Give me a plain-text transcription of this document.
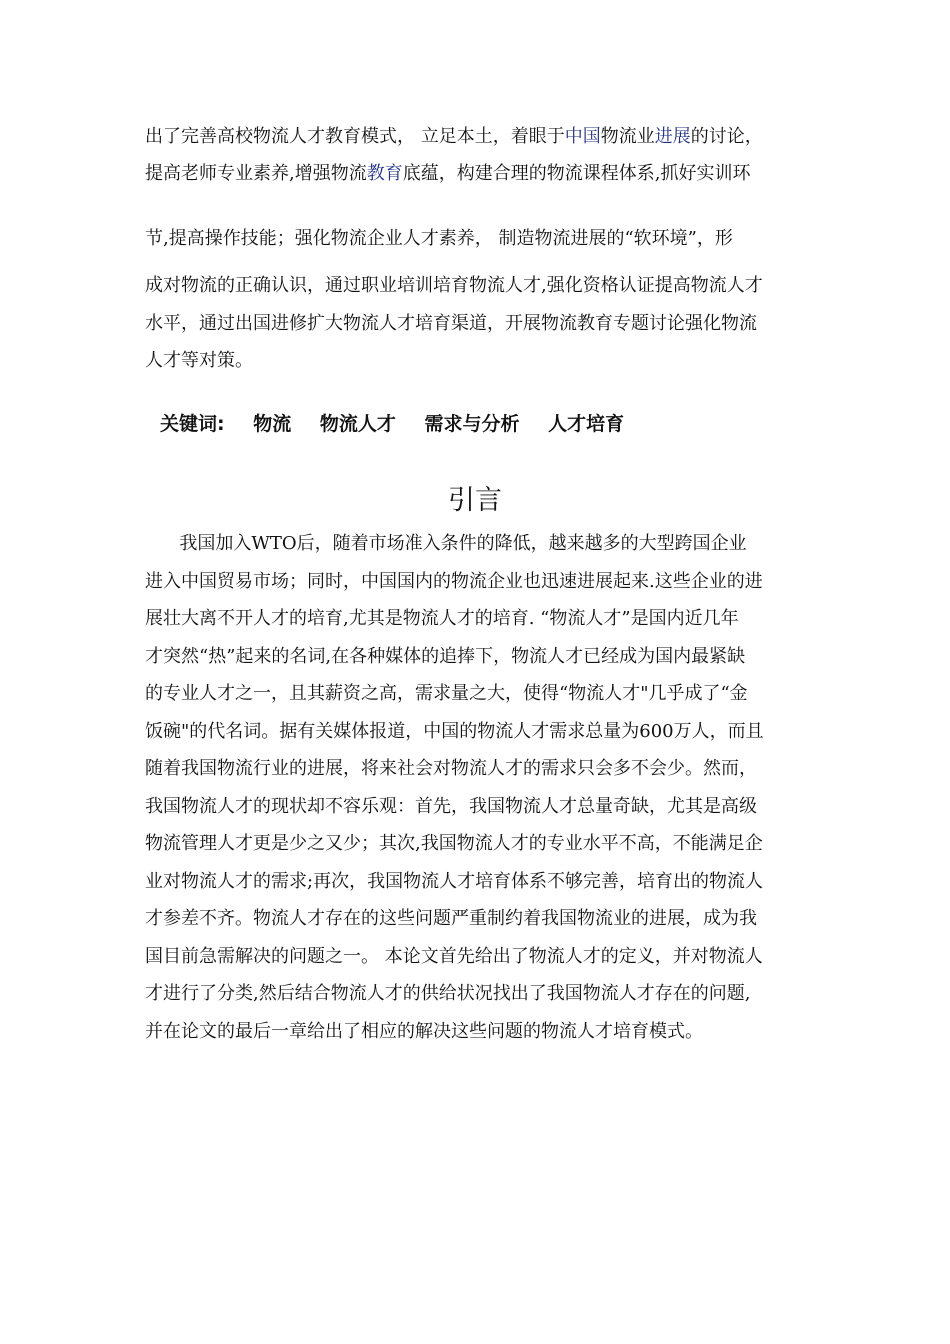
出了完善高校物流人才教育模式， 立足本土，着眼于中国物流业进展的讨论，
提高老师专业素养,增强物流教育底蕴，构建合理的物流课程体系,抓好实训环
节,提高操作技能；强化物流企业人才素养， 制造物流进展的“软环境”，形
成对物流的正确认识，通过职业培训培育物流人才,强化资格认证提高物流人才
水平，通过出国进修扩大物流人才培育渠道，开展物流教育专题讨论强化物流
人才等对策。
关键词: 物流 物流人才 需求与分析 人才培育
引言
我国加入WTO后，随着市场准入条件的降低，越来越多的大型跨国企业
进入中国贸易市场；同时，中国国内的物流企业也迅速进展起来.这些企业的进
展壮大离不开人才的培育,尤其是物流人才的培育. “物流人才”是国内近几年
才突然“热”起来的名词,在各种媒体的追捧下，物流人才已经成为国内最紧缺
的专业人才之一，且其薪资之高，需求量之大，使得“物流人才"几乎成了“金
饭碗"的代名词。据有关媒体报道，中国的物流人才需求总量为600万人，而且
随着我国物流行业的进展，将来社会对物流人才的需求只会多不会少。然而，
我国物流人才的现状却不容乐观：首先，我国物流人才总量奇缺，尤其是高级
物流管理人才更是少之又少；其次,我国物流人才的专业水平不高，不能满足企
业对物流人才的需求;再次，我国物流人才培育体系不够完善，培育出的物流人
才参差不齐。物流人才存在的这些问题严重制约着我国物流业的进展，成为我
国目前急需解决的问题之一。 本论文首先给出了物流人才的定义，并对物流人
才进行了分类,然后结合物流人才的供给状况找出了我国物流人才存在的问题,
并在论文的最后一章给出了相应的解决这些问题的物流人才培育模式。
